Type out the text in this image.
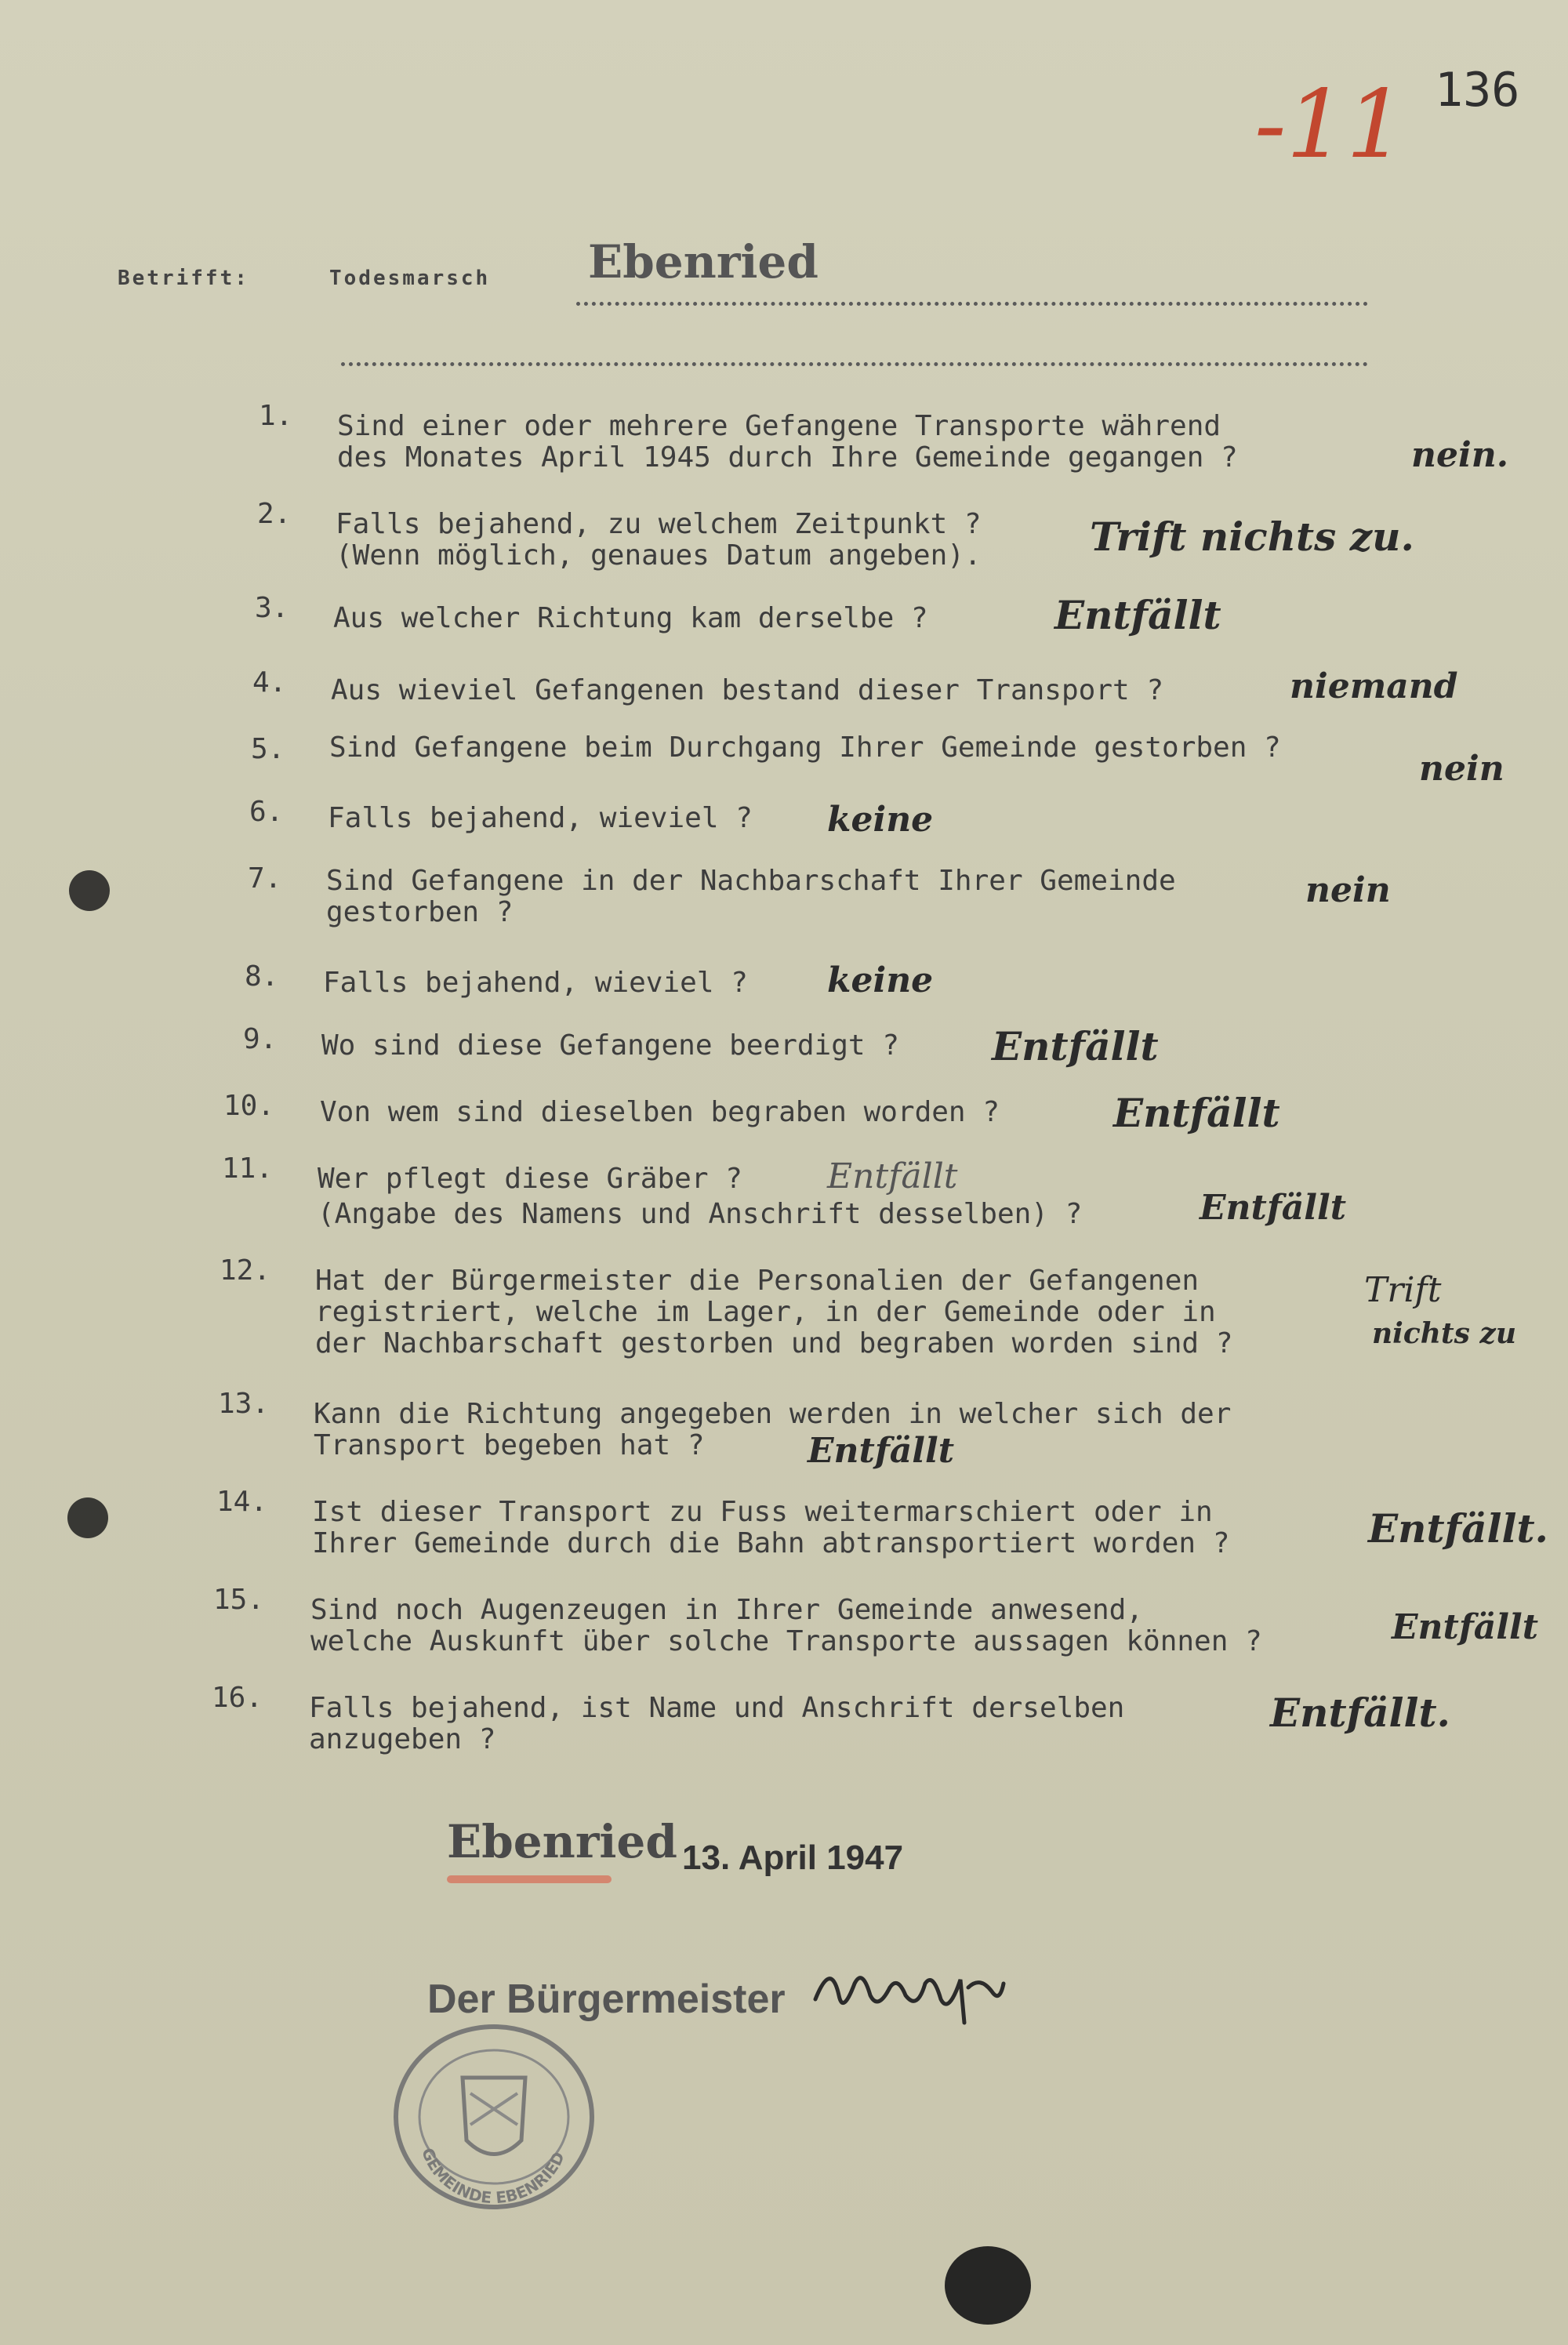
-11 136
Betrifft:	Todesmarsch Ebenried
1. Sind einer oder mehrere Gefangene Transporte während
des Monates April 1945 durch Ihre Gemeinde gegangen ?	nein.
2. Falls bejahend, zu welchem Zeitpunkt ?
(Wenn möglich, genaues Datum angeben).	Trift nichts zu.
3. Aus welcher Richtung kam derselbe ?	Entfällt
4. Aus wieviel Gefangenen bestand dieser Transport ?	niemand
5. Sind Gefangene beim Durchgang Ihrer Gemeinde gestorben ?
nein
6. Falls bejahend, wieviel ? keine
7. Sind Gefangene in der Nachbarschaft Ihrer Gemeinde
gestorben ?
nein
8. Falls bejahend, wieviel ? keine
9. Wo sind diese Gefangene beerdigt ? Entfällt
10. Von wem sind dieselben begraben worden ?	Entfällt
11. Wer pflegt diese Gräber ?
(Angabe des Namens und Anschrift desselben) ?
Entfällt
Entfällt
12. Hat der Bürgermeister die Personalien der Gefangenen
registriert, welche im Lager, in der Gemeinde oder in
der Nachbarschaft gestorben und begraben worden sind ?
Trift
nichts zu
13. Kann die Richtung angegeben werden in welcher sich der
Transport begeben hat ?	Entfällt
14. Ist dieser Transport zu Fuss weitermarschiert oder in
Ihrer Gemeinde durch die Bahn abtransportiert worden ?	Entfällt.
15. Sind noch Augenzeugen in Ihrer Gemeinde anwesend,
welche Auskunft über solche Transporte aussagen können ?	Entfällt
16. Falls bejahend, ist Name und Anschrift derselben
anzugeben ?
Entfällt.
Ebenried 13. April 1947
Der Bürgermeister
GEMEINDE EBENRIED
